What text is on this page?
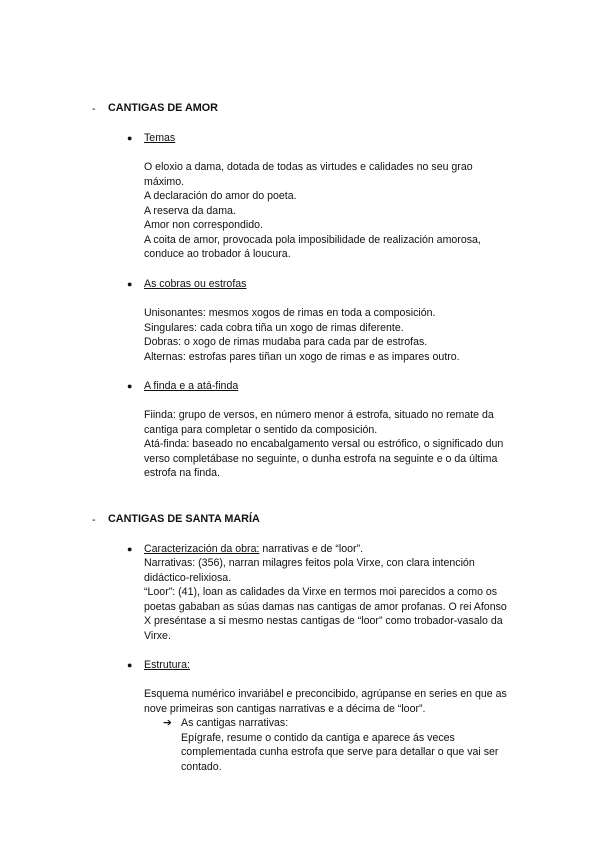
- CANTIGAS DE AMOR
● Temas
O eloxio a dama, dotada de todas as virtudes e calidades no seu grao
máximo.
A declaración do amor do poeta.
A reserva da dama.
Amor non correspondido.
A coita de amor, provocada pola imposibilidade de realización amorosa,
conduce ao trobador á loucura.
● As cobras ou estrofas
Unisonantes: mesmos xogos de rimas en toda a composición.
Singulares: cada cobra tiña un xogo de rimas diferente.
Dobras: o xogo de rimas mudaba para cada par de estrofas.
Alternas: estrofas pares tiñan un xogo de rimas e as impares outro.
● A finda e a atá-finda
Fiinda: grupo de versos, en número menor á estrofa, situado no remate da
cantiga para completar o sentido da composición.
Atá-finda: baseado no encabalgamento versal ou estrófico, o significado dun
verso completábase no seguinte, o dunha estrofa na seguinte e o da última
estrofa na finda.
- CANTIGAS DE SANTA MARÍA
● Caracterización da obra: narrativas e de “loor”.
Narrativas: (356), narran milagres feitos pola Virxe, con clara intención
didáctico-relixiosa.
“Loor”: (41), loan as calidades da Virxe en termos moi parecidos a como os
poetas gababan as súas damas nas cantigas de amor profanas. O rei Afonso
X preséntase a si mesmo nestas cantigas de “loor” como trobador-vasalo da
Virxe.
● Estrutura:
Esquema numérico invariábel e preconcibido, agrúpanse en series en que as
nove primeiras son cantigas narrativas e a décima de “loor”.
➔ As cantigas narrativas:
Epígrafe, resume o contido da cantiga e aparece ás veces
complementada cunha estrofa que serve para detallar o que vai ser
contado.
